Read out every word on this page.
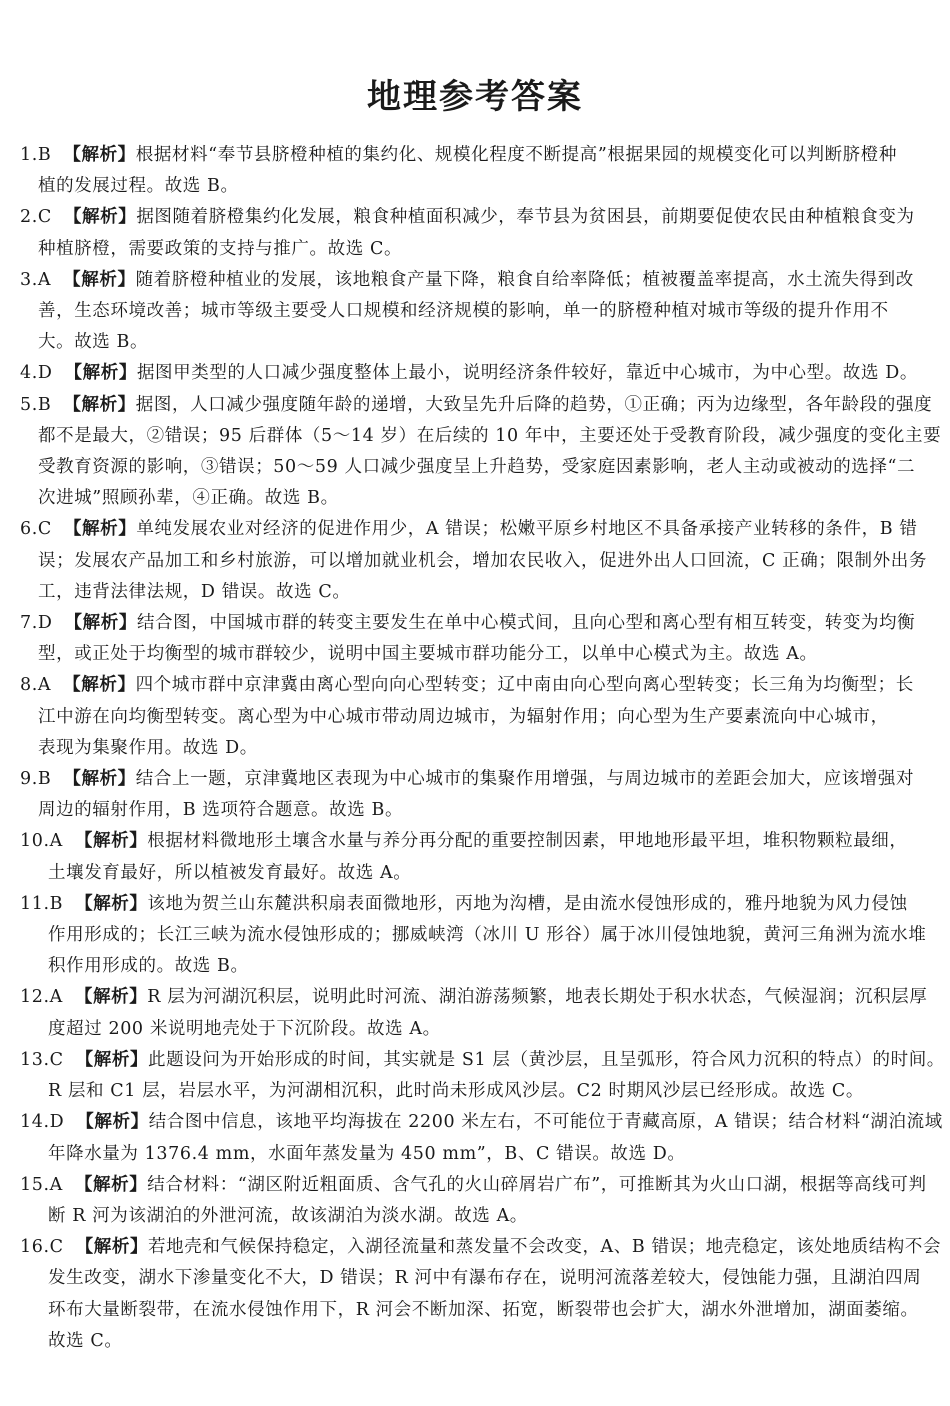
地理参考答案
1.B 【解析】根据材料“奉节县脐橙种植的集约化、规模化程度不断提高”根据果园的规模变化可以判断脐橙种
植的发展过程。故选 B。
2.C 【解析】据图随着脐橙集约化发展，粮食种植面积减少，奉节县为贫困县，前期要促使农民由种植粮食变为
种植脐橙，需要政策的支持与推广。故选 C。
3.A 【解析】随着脐橙种植业的发展，该地粮食产量下降，粮食自给率降低；植被覆盖率提高，水土流失得到改
善，生态环境改善；城市等级主要受人口规模和经济规模的影响，单一的脐橙种植对城市等级的提升作用不
大。故选 B。
4.D 【解析】据图甲类型的人口减少强度整体上最小，说明经济条件较好，靠近中心城市，为中心型。故选 D。
5.B 【解析】据图，人口减少强度随年龄的递增，大致呈先升后降的趋势，①正确；丙为边缘型，各年龄段的强度
都不是最大，②错误；95 后群体（5～14 岁）在后续的 10 年中，主要还处于受教育阶段，减少强度的变化主要
受教育资源的影响，③错误；50～59 人口减少强度呈上升趋势，受家庭因素影响，老人主动或被动的选择“二
次进城”照顾孙辈，④正确。故选 B。
6.C 【解析】单纯发展农业对经济的促进作用少，A 错误；松嫩平原乡村地区不具备承接产业转移的条件，B 错
误；发展农产品加工和乡村旅游，可以增加就业机会，增加农民收入，促进外出人口回流，C 正确；限制外出务
工，违背法律法规，D 错误。故选 C。
7.D 【解析】结合图，中国城市群的转变主要发生在单中心模式间，且向心型和离心型有相互转变，转变为均衡
型，或正处于均衡型的城市群较少，说明中国主要城市群功能分工，以单中心模式为主。故选 A。
8.A 【解析】四个城市群中京津冀由离心型向向心型转变；辽中南由向心型向离心型转变；长三角为均衡型；长
江中游在向均衡型转变。离心型为中心城市带动周边城市，为辐射作用；向心型为生产要素流向中心城市，
表现为集聚作用。故选 D。
9.B 【解析】结合上一题，京津冀地区表现为中心城市的集聚作用增强，与周边城市的差距会加大，应该增强对
周边的辐射作用，B 选项符合题意。故选 B。
10.A 【解析】根据材料微地形土壤含水量与养分再分配的重要控制因素，甲地地形最平坦，堆积物颗粒最细，
土壤发育最好，所以植被发育最好。故选 A。
11.B 【解析】该地为贺兰山东麓洪积扇表面微地形，丙地为沟槽，是由流水侵蚀形成的，雅丹地貌为风力侵蚀
作用形成的；长江三峡为流水侵蚀形成的；挪威峡湾（冰川 U 形谷）属于冰川侵蚀地貌，黄河三角洲为流水堆
积作用形成的。故选 B。
12.A 【解析】R 层为河湖沉积层，说明此时河流、湖泊游荡频繁，地表长期处于积水状态，气候湿润；沉积层厚
度超过 200 米说明地壳处于下沉阶段。故选 A。
13.C 【解析】此题设问为开始形成的时间，其实就是 S1 层（黄沙层，且呈弧形，符合风力沉积的特点）的时间。
R 层和 C1 层，岩层水平，为河湖相沉积，此时尚未形成风沙层。C2 时期风沙层已经形成。故选 C。
14.D 【解析】结合图中信息，该地平均海拔在 2200 米左右，不可能位于青藏高原，A 错误；结合材料“湖泊流域
年降水量为 1376.4 mm，水面年蒸发量为 450 mm”，B、C 错误。故选 D。
15.A 【解析】结合材料：“湖区附近粗面质、含气孔的火山碎屑岩广布”，可推断其为火山口湖，根据等高线可判
断 R 河为该湖泊的外泄河流，故该湖泊为淡水湖。故选 A。
16.C 【解析】若地壳和气候保持稳定，入湖径流量和蒸发量不会改变，A、B 错误；地壳稳定，该处地质结构不会
发生改变，湖水下渗量变化不大，D 错误；R 河中有瀑布存在，说明河流落差较大，侵蚀能力强，且湖泊四周
环布大量断裂带，在流水侵蚀作用下，R 河会不断加深、拓宽，断裂带也会扩大，湖水外泄增加，湖面萎缩。
故选 C。
